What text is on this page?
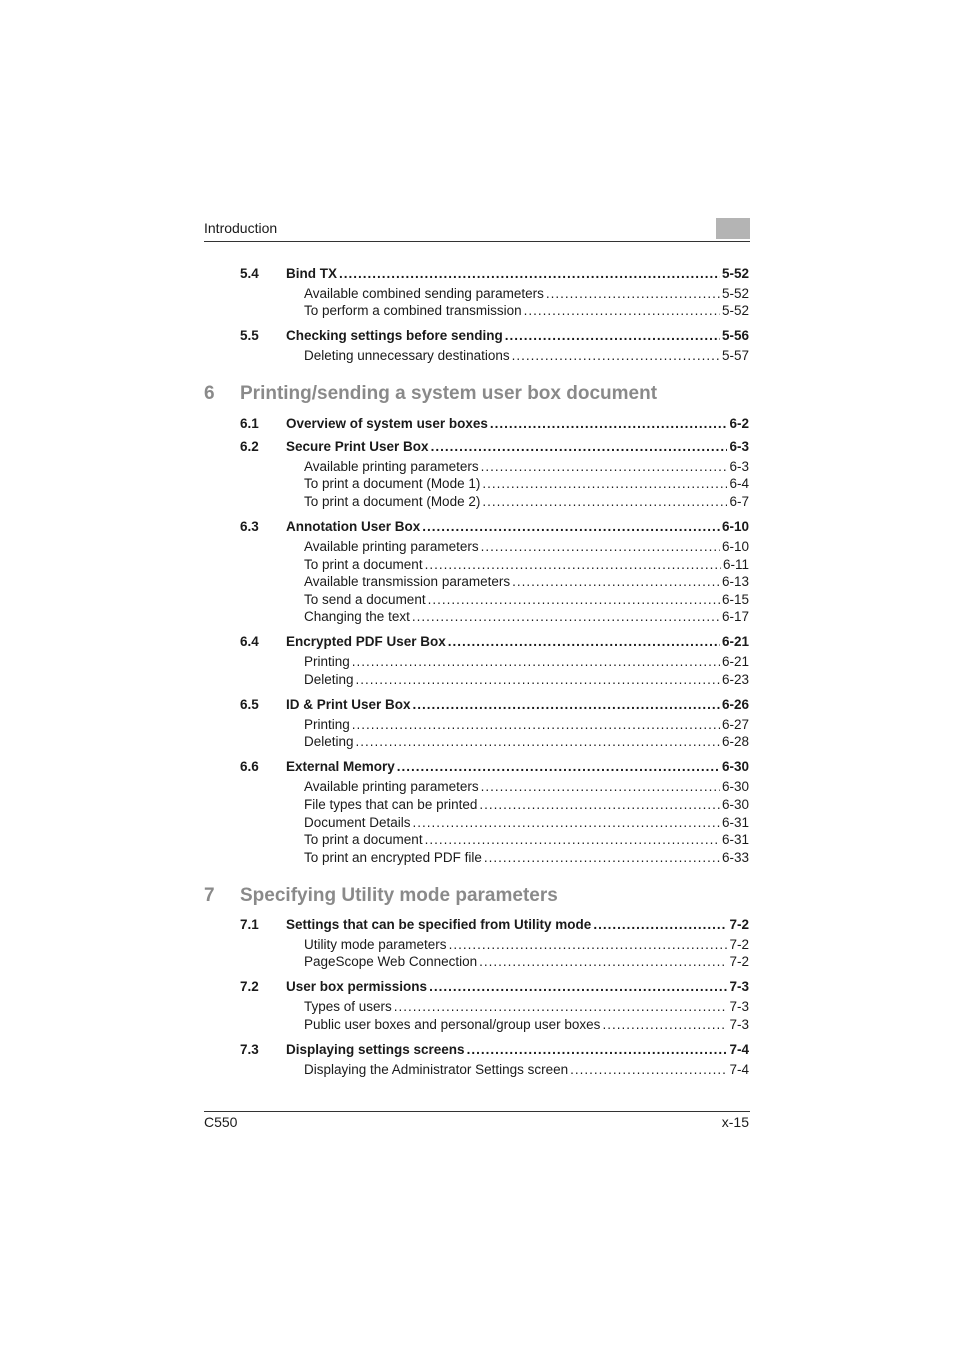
Introduction
5.4	Bind TX .....	5-52
Available combined sending parameters .....	5-52
To perform a combined transmission .....	5-52
5.5	Checking settings before sending .....	5-56
Deleting unnecessary destinations .....	5-57
6	Printing/sending a system user box document
6.1	Overview of system user boxes .....	6-2
6.2	Secure Print User Box .....	6-3
Available printing parameters .....	6-3
To print a document (Mode 1) .....	6-4
To print a document (Mode 2) .....	6-7
6.3	Annotation User Box .....	6-10
Available printing parameters .....	6-10
To print a document .....	6-11
Available transmission parameters .....	6-13
To send a document .....	6-15
Changing the text .....	6-17
6.4	Encrypted PDF User Box .....	6-21
Printing .....	6-21
Deleting .....	6-23
6.5	ID & Print User Box .....	6-26
Printing .....	6-27
Deleting .....	6-28
6.6	External Memory .....	6-30
Available printing parameters .....	6-30
File types that can be printed .....	6-30
Document Details .....	6-31
To print a document .....	6-31
To print an encrypted PDF file .....	6-33
7	Specifying Utility mode parameters
7.1	Settings that can be specified from Utility mode .....	7-2
Utility mode parameters .....	7-2
PageScope Web Connection .....	7-2
7.2	User box permissions .....	7-3
Types of users .....	7-3
Public user boxes and personal/group user boxes .....	7-3
7.3	Displaying settings screens .....	7-4
Displaying the Administrator Settings screen .....	7-4
C550	x-15
